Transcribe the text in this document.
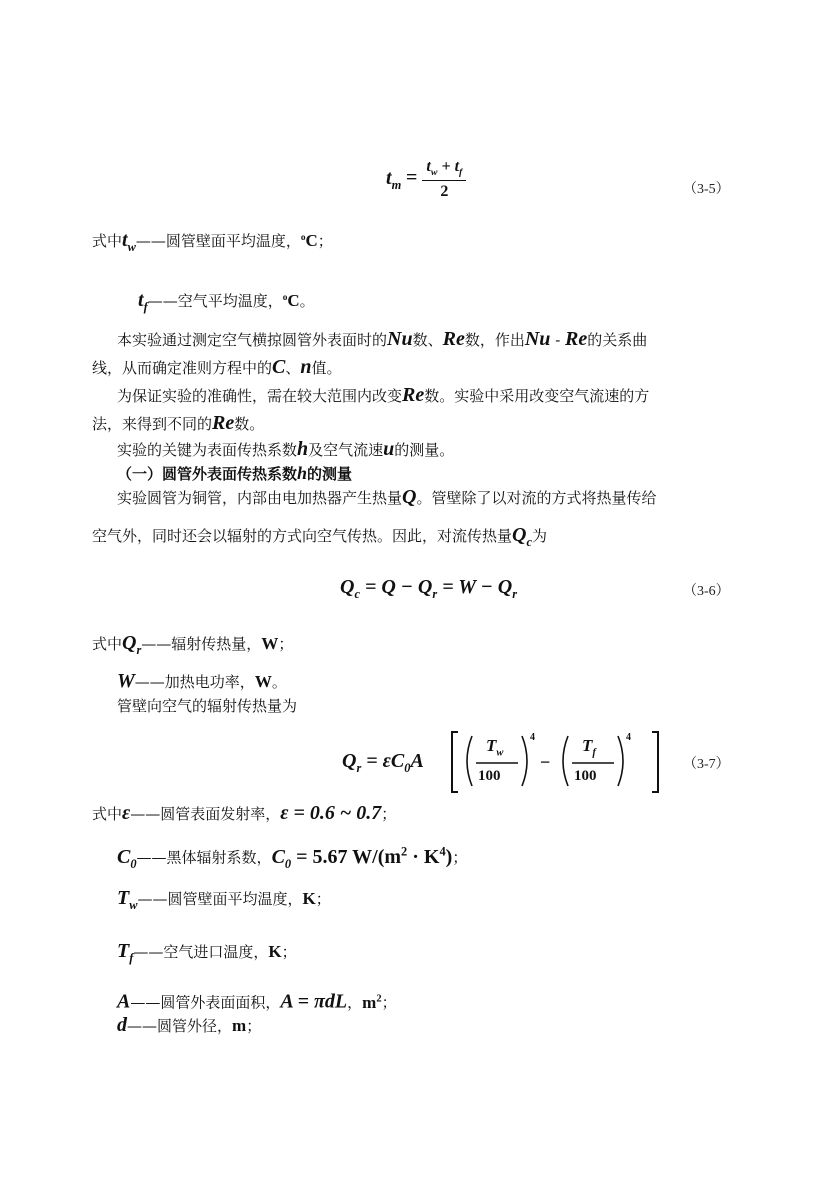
$t_m = \frac{t_w + t_f}{2}$	（3-5）
式中$t_w——$圆管壁面平均温度，$^o$C；
$t_f——$空气平均温度，$^o$C。
本实验通过测定空气横掠圆管外表面时的Nu数、Re数，作出Nu - Re的关系曲
线，从而确定准则方程中的C、n值。
为保证实验的准确性，需在较大范围内改变Re数。实验中采用改变空气流速的方
法，来得到不同的Re数。
实验的关键为表面传热系数h及空气流速u的测量。
（一）圆管外表面传热系数h的测量
实验圆管为铜管，内部由电加热器产生热量Q。管壁除了以对流的方式将热量传给
空气外，同时还会以辐射的方式向空气传热。因此，对流传热量$Q_c$为
$Q_c = Q - Q_r = W - Q_r$	（3-6）
式中$Q_r——$辐射传热量，W；
W——加热电功率，W。
管壁向空气的辐射传热量为
$Q_r = \varepsilon C_0A$
$T_w$
100
4
−
$T_f$
100
4
（3-7）
式中ε——圆管表面发射率，ε = 0.6 ~ 0.7；
$C_0——$黑体辐射系数，$C_0 = 5.67$ $W/(m^2 \cdot K^4)$；
$T_w——$圆管壁面平均温度，K；
$T_f——$空气进口温度，K；
A——圆管外表面面积，A = πdL，$m^2$；
d——圆管外径，m；
